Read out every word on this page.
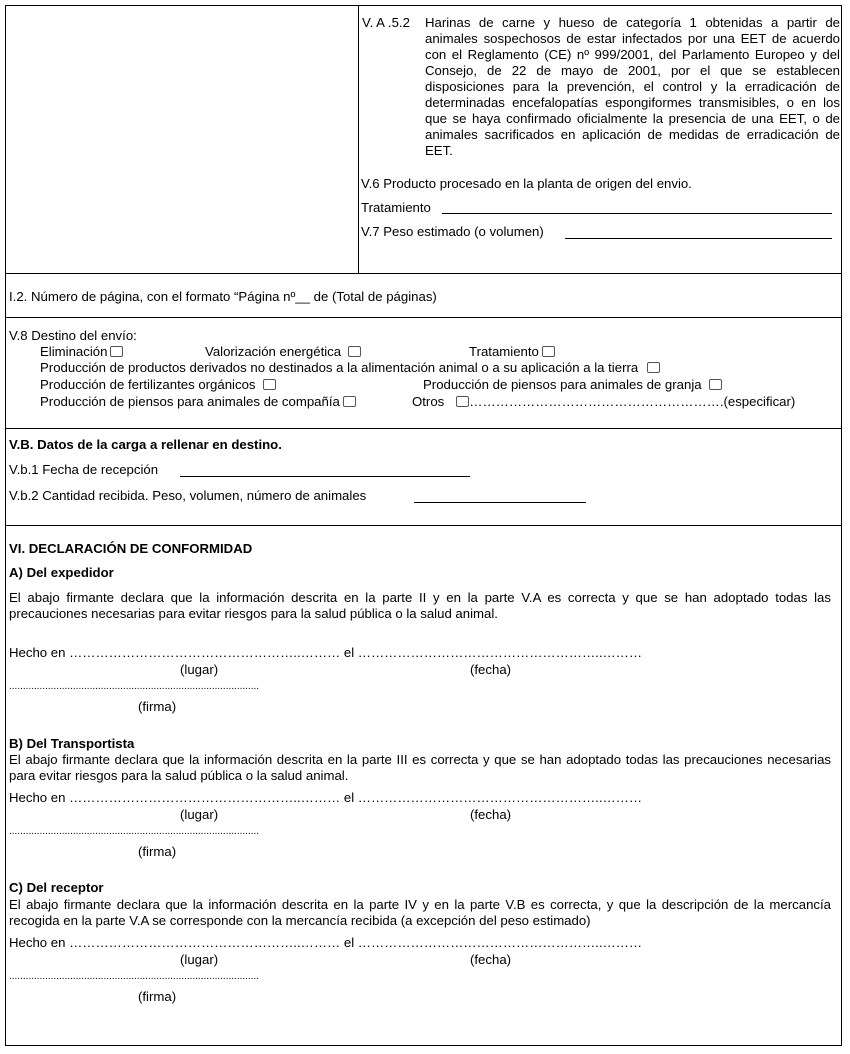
V. A .5.2 Harinas de carne y hueso de categoría 1 obtenidas a partir de animales sospechosos de estar infectados por una EET de acuerdo con el Reglamento (CE) nº 999/2001, del Parlamento Europeo y del Consejo, de 22 de mayo de 2001, por el que se establecen disposiciones para la prevención, el control y la erradicación de determinadas encefalopatías espongiformes transmisibles, o en los que se haya confirmado oficialmente la presencia de una EET, o de animales sacrificados en aplicación de medidas de erradicación de EET.
V.6 Producto procesado en la planta de origen del envio.
Tratamiento
V.7 Peso estimado (o volumen)
I.2. Número de página, con el formato “Página nº__ de (Total de páginas)
V.8 Destino del envío:
Eliminación	Valorización energética	Tratamiento
Producción de productos derivados no destinados a la alimentación animal o a su aplicación a la tierra
Producción de fertilizantes orgánicos	Producción de piensos para animales de granja
Producción de piensos para animales de compañía	Otros ………………………………………………….(especificar)
V.B. Datos de la carga a rellenar en destino.
V.b.1 Fecha de recepción
V.b.2 Cantidad recibida. Peso, volumen, número de animales
VI. DECLARACIÓN DE CONFORMIDAD
A) Del expedidor
El abajo firmante declara que la información descrita en la parte II y en la parte V.A es correcta y que se han adoptado todas las precauciones necesarias para evitar riesgos para la salud pública o la salud animal.
Hecho en ……………………………………………..……… el ………………………………………………..………
(lugar)	(fecha)
..........................................................................................
(firma)
B) Del Transportista
El abajo firmante declara que la información descrita en la parte III es correcta y que se han adoptado todas las precauciones necesarias para evitar riesgos para la salud pública o la salud animal.
Hecho en ……………………………………………..……… el ………………………………………………..………
(lugar)	(fecha)
..........................................................................................
(firma)
C) Del receptor
El abajo firmante declara que la información descrita en la parte IV y en la parte V.B es correcta, y que la descripción de la mercancía recogida en la parte V.A se corresponde con la mercancía recibida (a excepción del peso estimado)
Hecho en ……………………………………………..……… el ………………………………………………..………
(lugar)	(fecha)
..........................................................................................
(firma)
